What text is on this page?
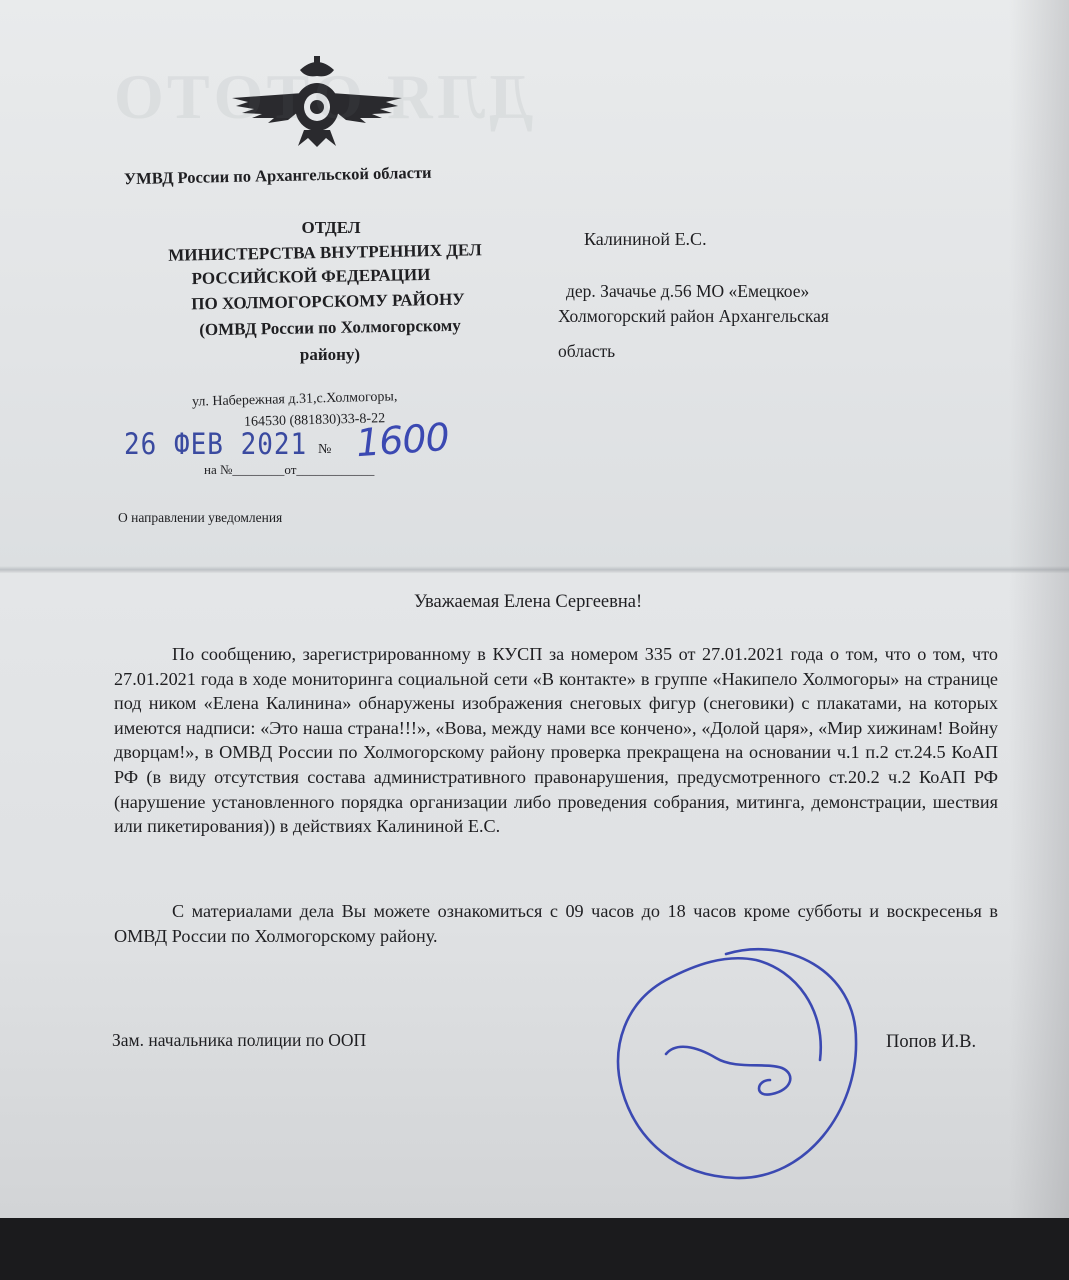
ДЛЯ ОТОТО
УМВД России по Архангельской области
ОТДЕЛ
МИНИСТЕРСТВА ВНУТРЕННИХ ДЕЛ
РОССИЙСКОЙ ФЕДЕРАЦИИ
ПО ХОЛМОГОРСКОМУ РАЙОНУ
(ОМВД России по Холмогорскому
району)
ул. Набережная д.31,с.Холмогоры,
164530 (881830)33-8-22
26 ФЕВ 2021 № 1600
на №________от____________
О направлении уведомления
Калининой Е.С.
дер. Зачачье д.56 МО «Емецкое»
Холмогорский район Архангельская
область
Уважаемая Елена Сергеевна!
По сообщению, зарегистрированному в КУСП за номером 335 от 27.01.2021 года о том, что о том, что 27.01.2021 года в ходе мониторинга социальной сети «В контакте» в группе «Накипело Холмогоры» на странице под ником «Елена Калинина» обнаружены изображения снеговых фигур (снеговики) с плакатами, на которых имеются надписи: «Это наша страна!!!», «Вова, между нами все кончено», «Долой царя», «Мир хижинам! Войну дворцам!», в ОМВД России по Холмогорскому району проверка прекращена на основании ч.1 п.2 ст.24.5 КоАП РФ (в виду отсутствия состава административного правонарушения, предусмотренного ст.20.2 ч.2 КоАП РФ (нарушение установленного порядка организации либо проведения собрания, митинга, демонстрации, шествия или пикетирования)) в действиях Калининой Е.С.
С материалами дела Вы можете ознакомиться с 09 часов до 18 часов кроме субботы и воскресенья в ОМВД России по Холмогорскому району.
Зам. начальника полиции по ООП	Попов И.В.
